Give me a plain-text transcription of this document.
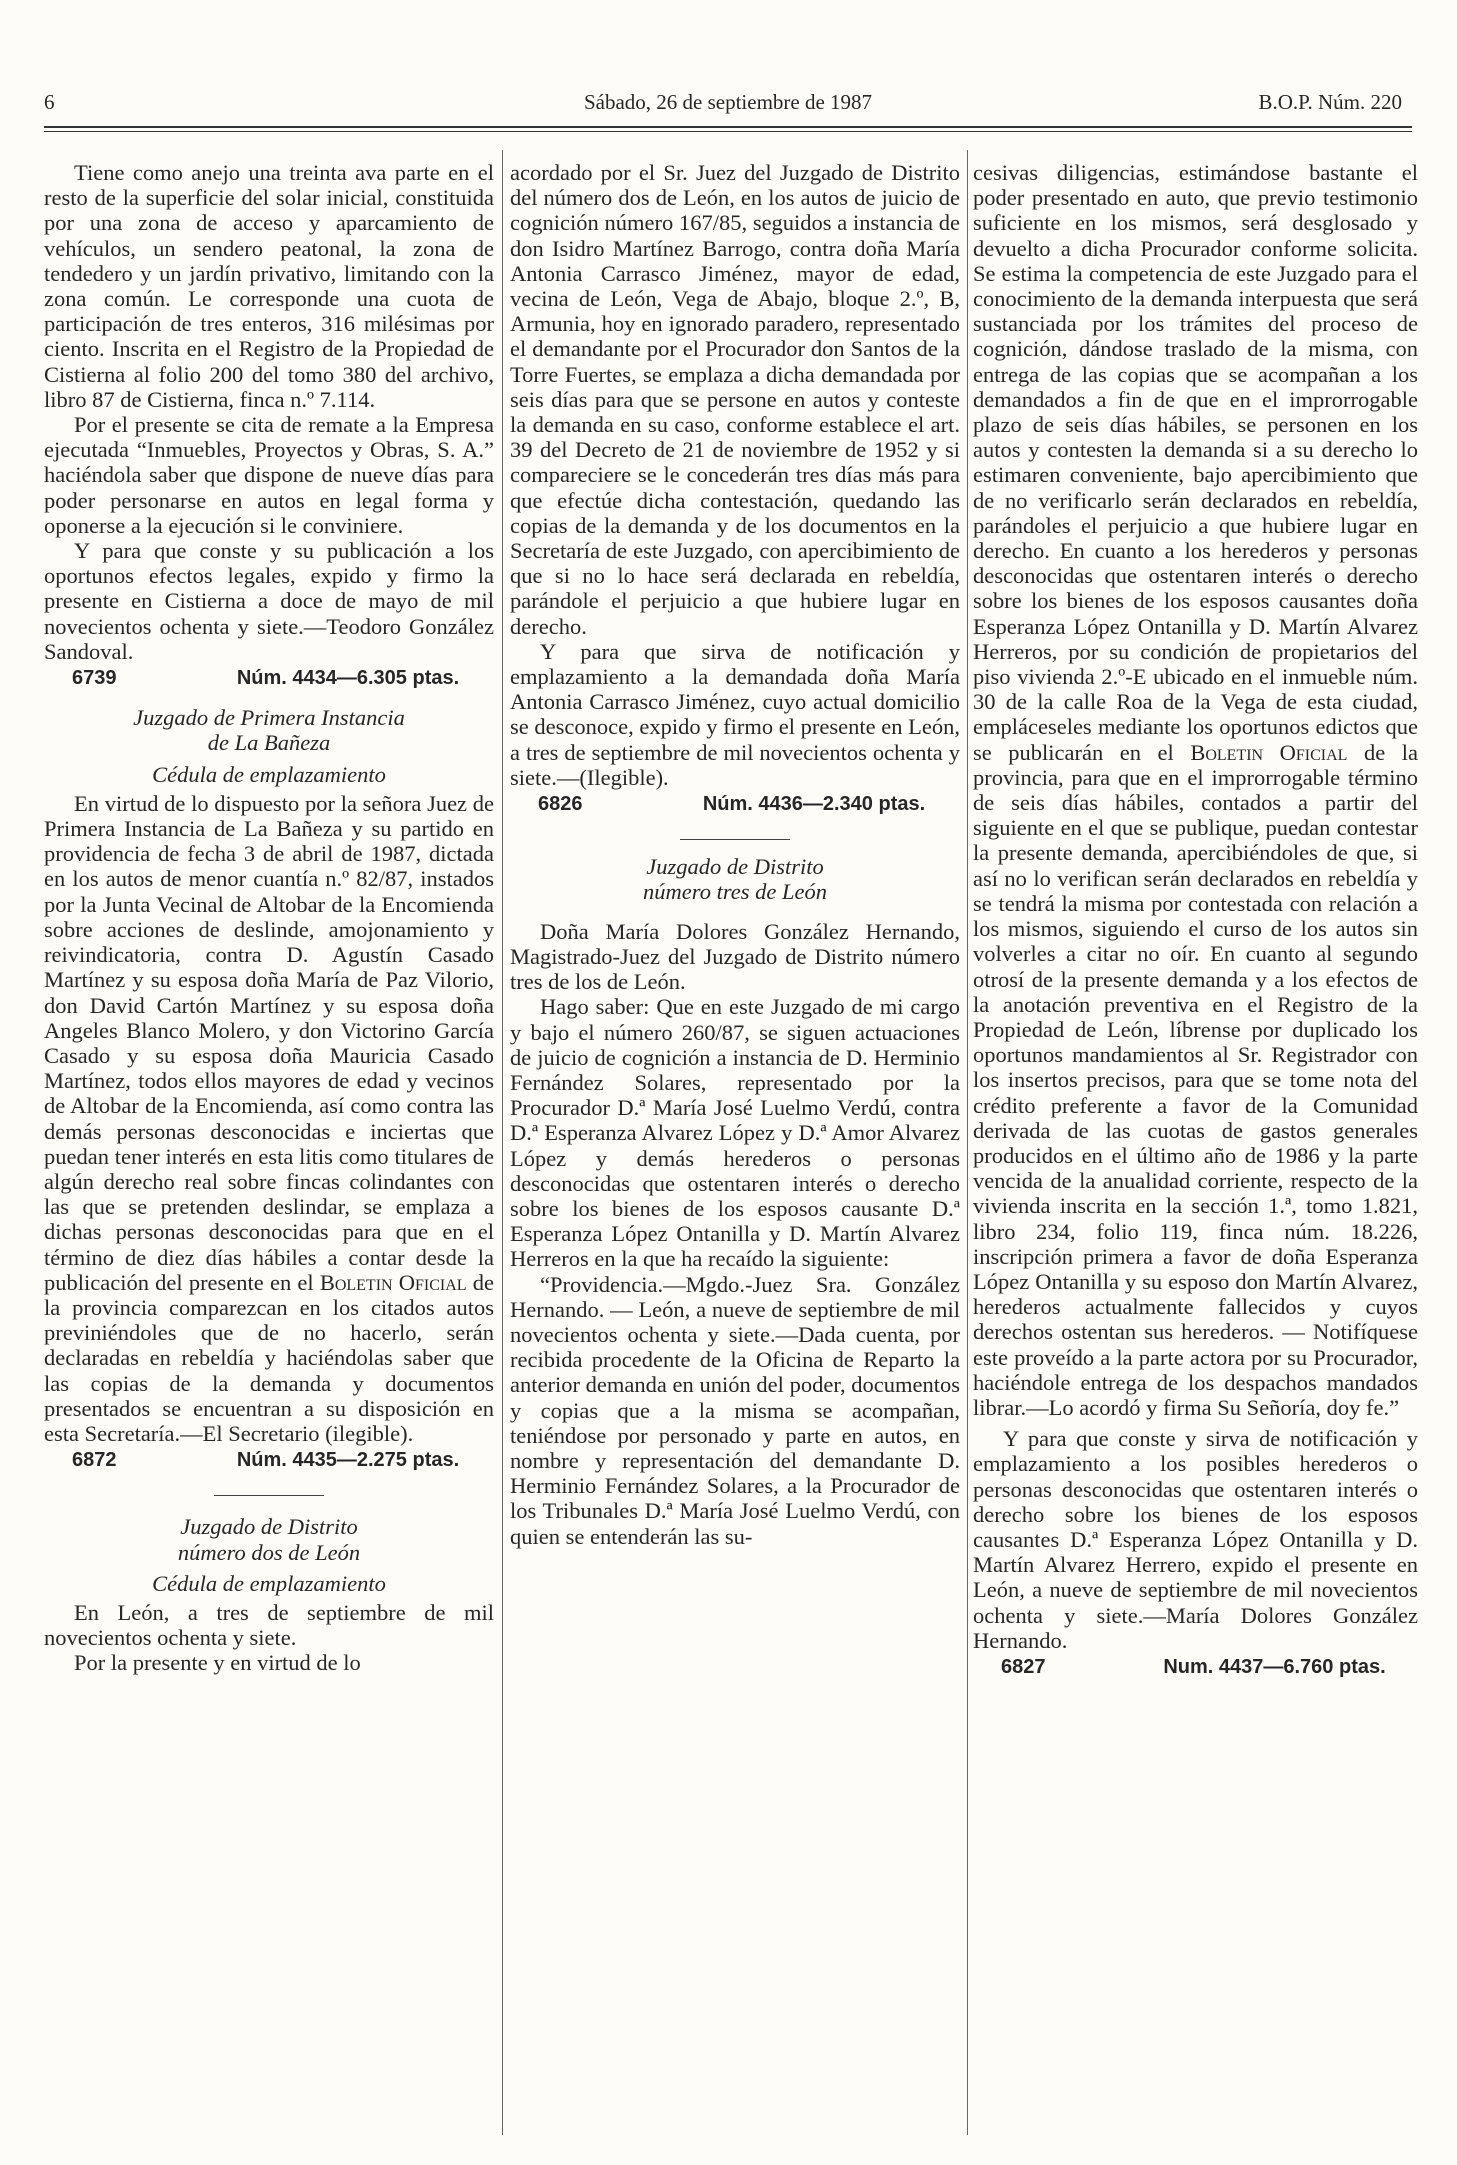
6	Sábado, 26 de septiembre de 1987	B.O.P. Núm. 220

Tiene como anejo una treinta ava parte en el resto de la superficie del solar inicial, constituida por una zona de acceso y aparcamiento de vehículos, un sendero peatonal, la zona de tendedero y un jardín privativo, limitando con la zona común. Le corresponde una cuota de participación de tres enteros, 316 milésimas por ciento. Inscrita en el Registro de la Propiedad de Cistierna al folio 200 del tomo 380 del archivo, libro 87 de Cistierna, finca n.º 7.114.

Por el presente se cita de remate a la Empresa ejecutada “Inmuebles, Proyectos y Obras, S. A.” haciéndola saber que dispone de nueve días para poder personarse en autos en legal forma y oponerse a la ejecución si le conviniere.

Y para que conste y su publicación a los oportunos efectos legales, expido y firmo la presente en Cistierna a doce de mayo de mil novecientos ochenta y siete.—Teodoro González Sandoval.

6739	Núm. 4434—6.305 ptas.
Juzgado de Primera Instancia
de La Bañeza
Cédula de emplazamiento

En virtud de lo dispuesto por la señora Juez de Primera Instancia de La Bañeza y su partido en providencia de fecha 3 de abril de 1987, dictada en los autos de menor cuantía n.º 82/87, instados por la Junta Vecinal de Altobar de la Encomienda sobre acciones de deslinde, amojonamiento y reivindicatoria, contra D. Agustín Casado Martínez y su esposa doña María de Paz Vilorio, don David Cartón Martínez y su esposa doña Angeles Blanco Molero, y don Victorino García Casado y su esposa doña Mauricia Casado Martínez, todos ellos mayores de edad y vecinos de Altobar de la Encomienda, así como contra las demás personas desconocidas e inciertas que puedan tener interés en esta litis como titulares de algún derecho real sobre fincas colindantes con las que se pretenden deslindar, se emplaza a dichas personas desconocidas para que en el término de diez días hábiles a contar desde la publicación del presente en el Boletin Oficial de la provincia comparezcan en los citados autos previniéndoles que de no hacerlo, serán declaradas en rebeldía y haciéndolas saber que las copias de la demanda y documentos presentados se encuentran a su disposición en esta Secretaría.—El Secretario (ilegible).

6872	Núm. 4435—2.275 ptas.
Juzgado de Distrito
número dos de León
Cédula de emplazamiento

En León, a tres de septiembre de mil novecientos ochenta y siete.

Por la presente y en virtud de lo

acordado por el Sr. Juez del Juzgado de Distrito del número dos de León, en los autos de juicio de cognición número 167/85, seguidos a instancia de don Isidro Martínez Barrogo, contra doña María Antonia Carrasco Jiménez, mayor de edad, vecina de León, Vega de Abajo, bloque 2.º, B, Armunia, hoy en ignorado paradero, representado el demandante por el Procurador don Santos de la Torre Fuertes, se emplaza a dicha demandada por seis días para que se persone en autos y conteste la demanda en su caso, conforme establece el art. 39 del Decreto de 21 de noviembre de 1952 y si compareciere se le concederán tres días más para que efectúe dicha contestación, quedando las copias de la demanda y de los documentos en la Secretaría de este Juzgado, con apercibimiento de que si no lo hace será declarada en rebeldía, parándole el perjuicio a que hubiere lugar en derecho.

Y para que sirva de notificación y emplazamiento a la demandada doña María Antonia Carrasco Jiménez, cuyo actual domicilio se desconoce, expido y firmo el presente en León, a tres de septiembre de mil novecientos ochenta y siete.—(Ilegible).

6826	Núm. 4436—2.340 ptas.
Juzgado de Distrito
número tres de León

Doña María Dolores González Hernando, Magistrado-Juez del Juzgado de Distrito número tres de los de León.

Hago saber: Que en este Juzgado de mi cargo y bajo el número 260/87, se siguen actuaciones de juicio de cognición a instancia de D. Herminio Fernández Solares, representado por la Procurador D.ª María José Luelmo Verdú, contra D.ª Esperanza Alvarez López y D.ª Amor Alvarez López y demás herederos o personas desconocidas que ostentaren interés o derecho sobre los bienes de los esposos causante D.ª Esperanza López Ontanilla y D. Martín Alvarez Herreros en la que ha recaído la siguiente:

“Providencia.—Mgdo.-Juez Sra. González Hernando. — León, a nueve de septiembre de mil novecientos ochenta y siete.—Dada cuenta, por recibida procedente de la Oficina de Reparto la anterior demanda en unión del poder, documentos y copias que a la misma se acompañan, teniéndose por personado y parte en autos, en nombre y representación del demandante D. Herminio Fernández Solares, a la Procurador de los Tribunales D.ª María José Luelmo Verdú, con quien se entenderán las su-

cesivas diligencias, estimándose bastante el poder presentado en auto, que previo testimonio suficiente en los mismos, será desglosado y devuelto a dicha Procurador conforme solicita. Se estima la competencia de este Juzgado para el conocimiento de la demanda interpuesta que será sustanciada por los trámites del proceso de cognición, dándose traslado de la misma, con entrega de las copias que se acompañan a los demandados a fin de que en el improrrogable plazo de seis días hábiles, se personen en los autos y contesten la demanda si a su derecho lo estimaren conveniente, bajo apercibimiento que de no verificarlo serán declarados en rebeldía, parándoles el perjuicio a que hubiere lugar en derecho. En cuanto a los herederos y personas desconocidas que ostentaren interés o derecho sobre los bienes de los esposos causantes doña Esperanza López Ontanilla y D. Martín Alvarez Herreros, por su condición de propietarios del piso vivienda 2.º-E ubicado en el inmueble núm. 30 de la calle Roa de la Vega de esta ciudad, empláceseles mediante los oportunos edictos que se publicarán en el Boletin Oficial de la provincia, para que en el improrrogable término de seis días hábiles, contados a partir del siguiente en el que se publique, puedan contestar la presente demanda, apercibiéndoles de que, si así no lo verifican serán declarados en rebeldía y se tendrá la misma por contestada con relación a los mismos, siguiendo el curso de los autos sin volverles a citar no oír. En cuanto al segundo otrosí de la presente demanda y a los efectos de la anotación preventiva en el Registro de la Propiedad de León, líbrense por duplicado los oportunos mandamientos al Sr. Registrador con los insertos precisos, para que se tome nota del crédito preferente a favor de la Comunidad derivada de las cuotas de gastos generales producidos en el último año de 1986 y la parte vencida de la anualidad corriente, respecto de la vivienda inscrita en la sección 1.ª, tomo 1.821, libro 234, folio 119, finca núm. 18.226, inscripción primera a favor de doña Esperanza López Ontanilla y su esposo don Martín Alvarez, herederos actualmente fallecidos y cuyos derechos ostentan sus herederos. — Notifíquese este proveído a la parte actora por su Procurador, haciéndole entrega de los despachos mandados librar.—Lo acordó y firma Su Señoría, doy fe.”

Y para que conste y sirva de notificación y emplazamiento a los posibles herederos o personas desconocidas que ostentaren interés o derecho sobre los bienes de los esposos causantes D.ª Esperanza López Ontanilla y D. Martín Alvarez Herrero, expido el presente en León, a nueve de septiembre de mil novecientos ochenta y siete.—María Dolores González Hernando.

6827	Num. 4437—6.760 ptas.
